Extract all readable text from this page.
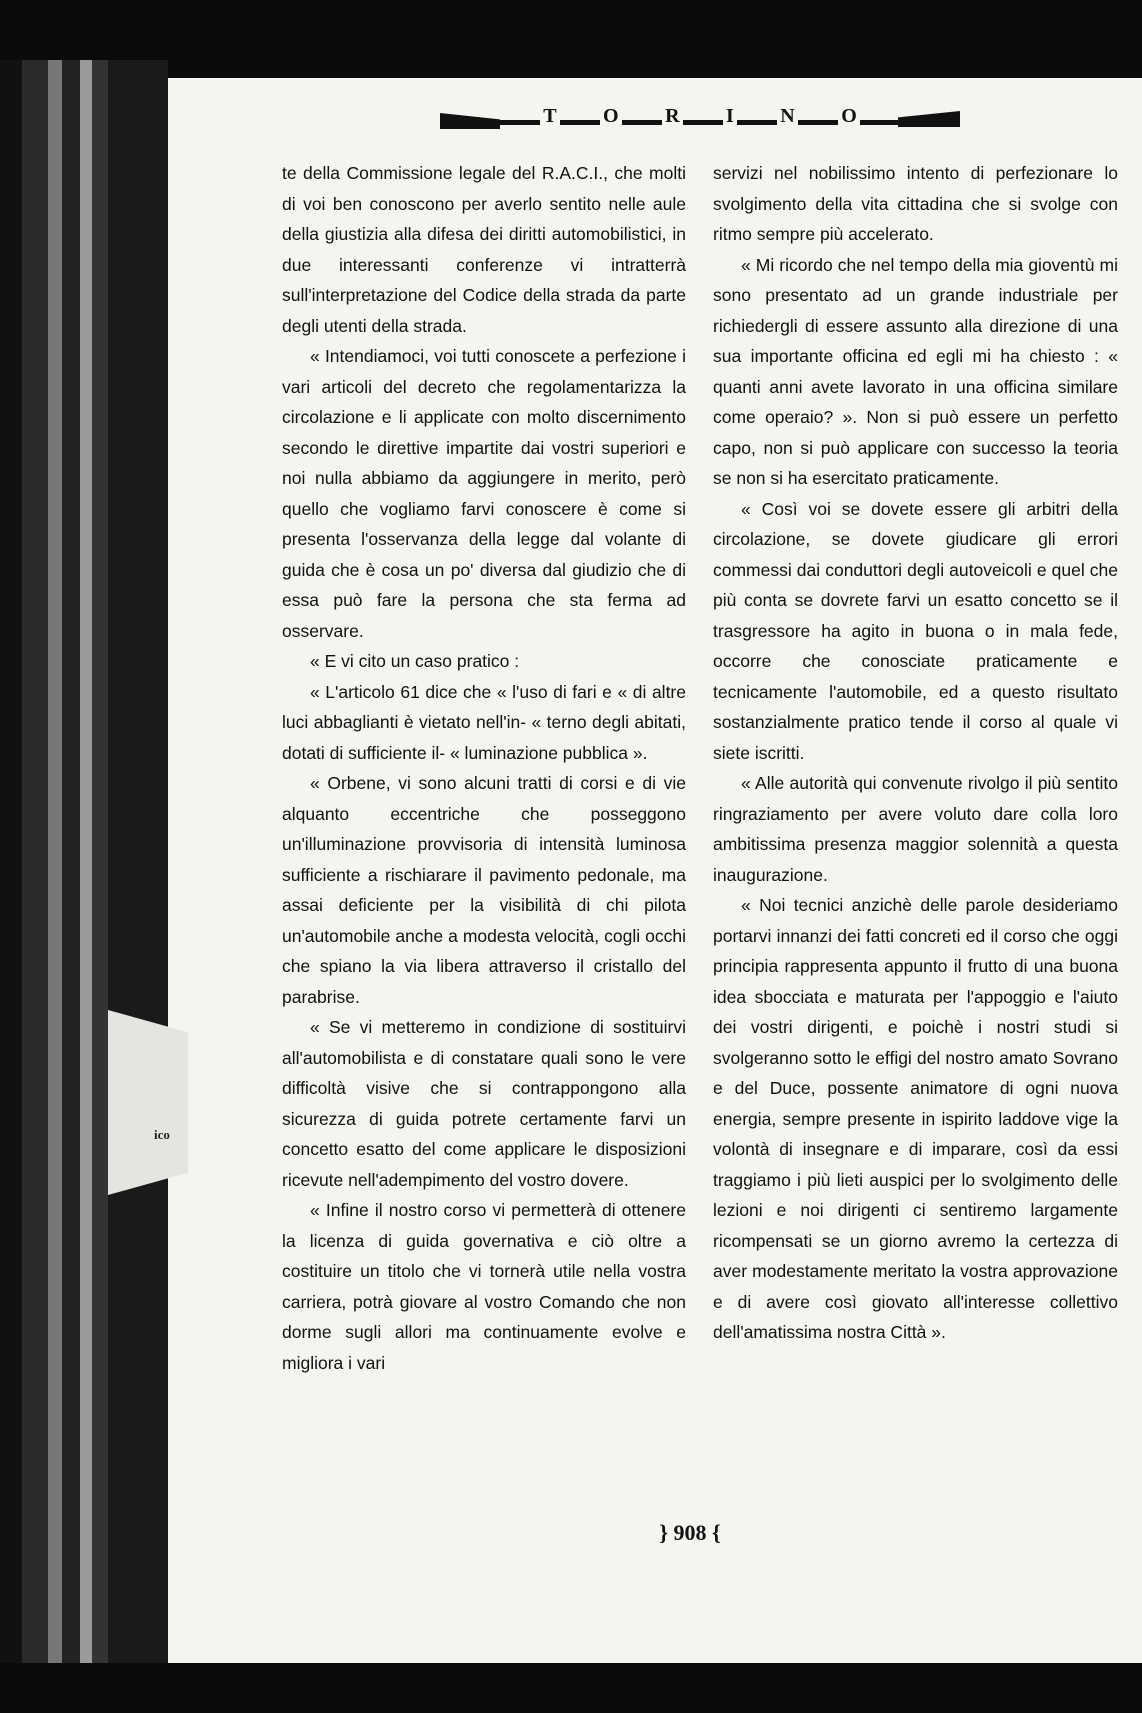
ico
T O R I N O

te della Commissione legale del R.A.C.I., che molti di voi ben conoscono per averlo sentito nelle aule della giustizia alla difesa dei diritti automobilistici, in due interessanti conferenze vi intratterrà sull'interpretazione del Codice della strada da parte degli utenti della strada.

« Intendiamoci, voi tutti conoscete a perfezione i vari articoli del decreto che regolamentarizza la circolazione e li applicate con molto discernimento secondo le direttive impartite dai vostri superiori e noi nulla abbiamo da aggiungere in merito, però quello che vogliamo farvi conoscere è come si presenta l'osservanza della legge dal volante di guida che è cosa un po' diversa dal giudizio che di essa può fare la persona che sta ferma ad osservare.

« E vi cito un caso pratico :

« L'articolo 61 dice che « l'uso di fari e « di altre luci abbaglianti è vietato nell'in- « terno degli abitati, dotati di sufficiente il- « luminazione pubblica ».

« Orbene, vi sono alcuni tratti di corsi e di vie alquanto eccentriche che posseggono un'illuminazione provvisoria di intensità luminosa sufficiente a rischiarare il pavimento pedonale, ma assai deficiente per la visibilità di chi pilota un'automobile anche a modesta velocità, cogli occhi che spiano la via libera attraverso il cristallo del parabrise.

« Se vi metteremo in condizione di sostituirvi all'automobilista e di constatare quali sono le vere difficoltà visive che si contrappongono alla sicurezza di guida potrete certamente farvi un concetto esatto del come applicare le disposizioni ricevute nell'adempimento del vostro dovere.

« Infine il nostro corso vi permetterà di ottenere la licenza di guida governativa e ciò oltre a costituire un titolo che vi tornerà utile nella vostra carriera, potrà giovare al vostro Comando che non dorme sugli allori ma continuamente evolve e migliora i vari

servizi nel nobilissimo intento di perfezionare lo svolgimento della vita cittadina che si svolge con ritmo sempre più accelerato.

« Mi ricordo che nel tempo della mia gioventù mi sono presentato ad un grande industriale per richiedergli di essere assunto alla direzione di una sua importante officina ed egli mi ha chiesto : « quanti anni avete lavorato in una officina similare come operaio? ». Non si può essere un perfetto capo, non si può applicare con successo la teoria se non si ha esercitato praticamente.

« Così voi se dovete essere gli arbitri della circolazione, se dovete giudicare gli errori commessi dai conduttori degli autoveicoli e quel che più conta se dovrete farvi un esatto concetto se il trasgressore ha agito in buona o in mala fede, occorre che conosciate praticamente e tecnicamente l'automobile, ed a questo risultato sostanzialmente pratico tende il corso al quale vi siete iscritti.

« Alle autorità qui convenute rivolgo il più sentito ringraziamento per avere voluto dare colla loro ambitissima presenza maggior solennità a questa inaugurazione.

« Noi tecnici anzichè delle parole desideriamo portarvi innanzi dei fatti concreti ed il corso che oggi principia rappresenta appunto il frutto di una buona idea sbocciata e maturata per l'appoggio e l'aiuto dei vostri dirigenti, e poichè i nostri studi si svolgeranno sotto le effigi del nostro amato Sovrano e del Duce, possente animatore di ogni nuova energia, sempre presente in ispirito laddove vige la volontà di insegnare e di imparare, così da essi traggiamo i più lieti auspici per lo svolgimento delle lezioni e noi dirigenti ci sentiremo largamente ricompensati se un giorno avremo la certezza di aver modestamente meritato la vostra approvazione e di avere così giovato all'interesse collettivo dell'amatissima nostra Città ».

} 908 {
